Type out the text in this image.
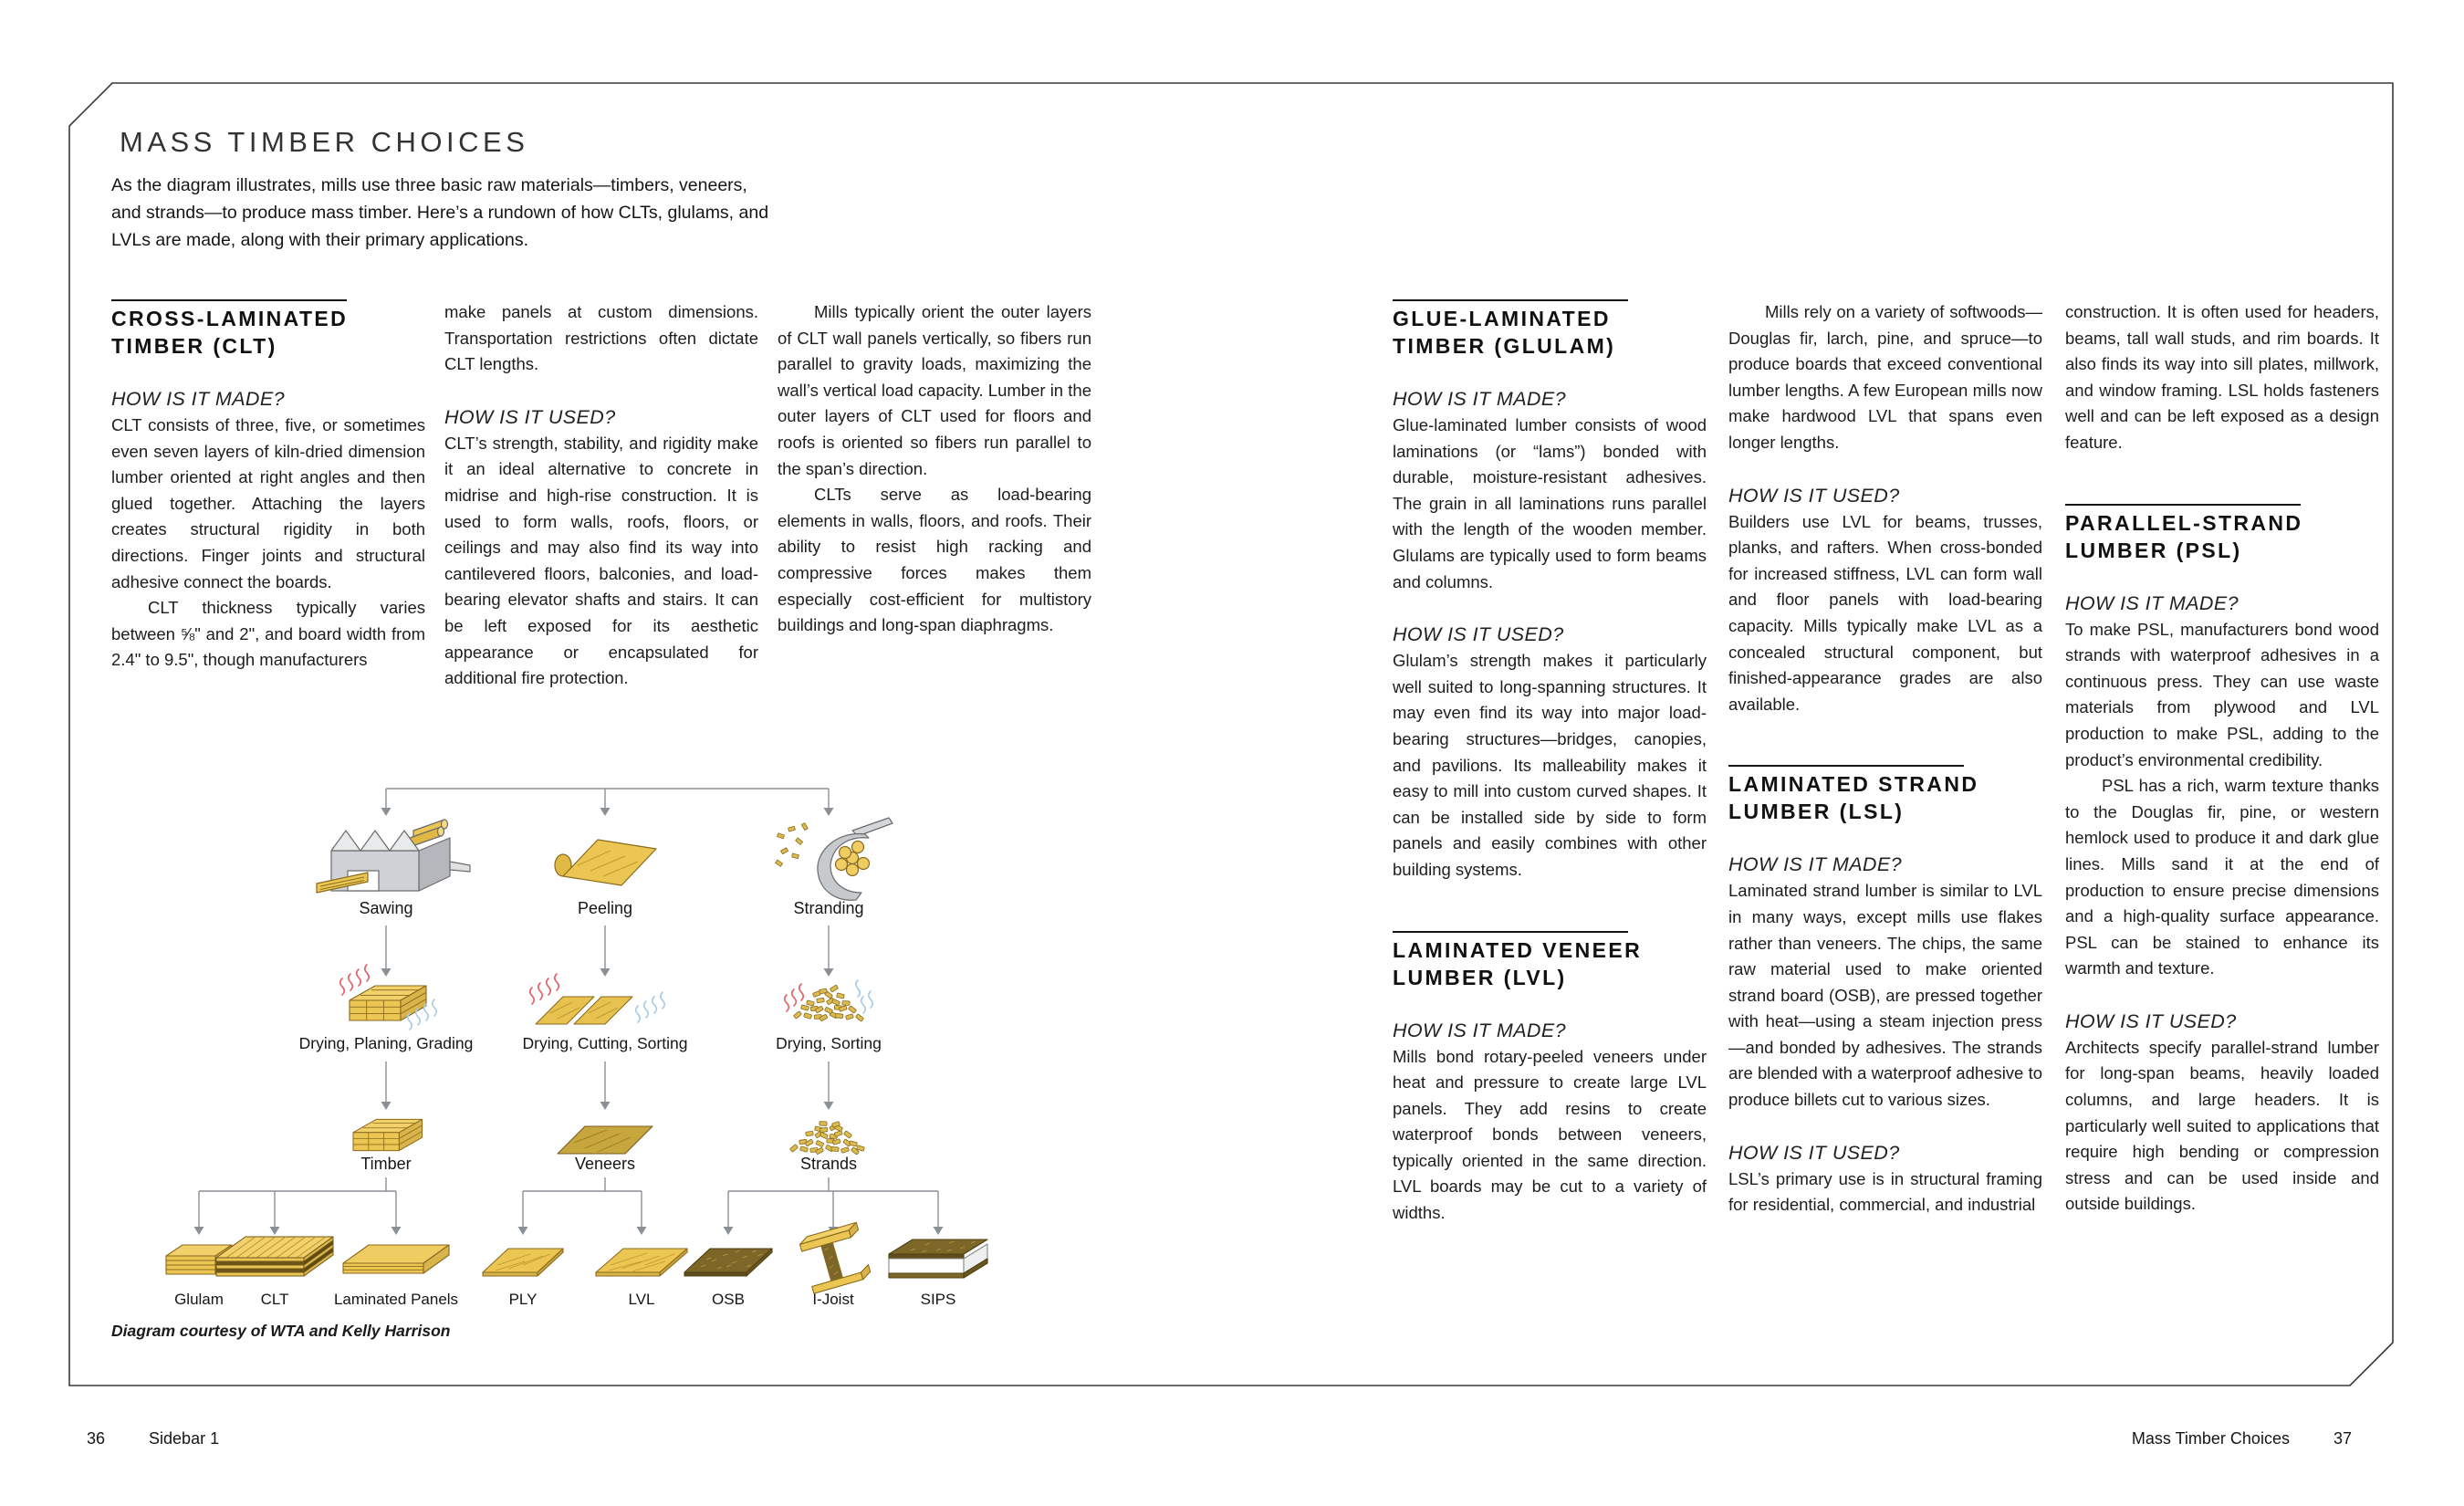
MASS TIMBER CHOICES

As the diagram illustrates, mills use three basic raw materials—timbers, veneers, and strands—to produce mass timber. Here’s a rundown of how CLTs, glulams, and LVLs are made, along with their primary applications.

CROSS-LAMINATED
TIMBER (CLT)
HOW IS IT MADE?

CLT consists of three, five, or sometimes even seven layers of kiln-dried dimension lumber oriented at right angles and then glued together. Attaching the layers creates structural rigidity in both directions. Finger joints and structural adhesive connect the boards.

CLT thickness typically varies between ⅝" and 2", and board width from 2.4" to 9.5", though manufacturers

make panels at custom dimensions. Transportation restrictions often dictate CLT lengths.

HOW IS IT USED?

CLT’s strength, stability, and rigidity make it an ideal alternative to concrete in midrise and high-rise construction. It is used to form walls, roofs, floors, or ceilings and may also find its way into cantilevered floors, balconies, and load-bearing elevator shafts and stairs. It can be left exposed for its aesthetic appearance or encapsulated for additional fire protection.

Mills typically orient the outer layers of CLT wall panels vertically, so fibers run parallel to gravity loads, maximizing the wall’s vertical load capacity. Lumber in the outer layers of CLT used for floors and roofs is oriented so fibers run parallel to the span’s direction.

CLTs serve as load-bearing elements in walls, floors, and roofs. Their ability to resist high racking and compressive forces makes them especially cost-efficient for multistory buildings and long-span diaphragms.

GLUE-LAMINATED
TIMBER (GLULAM)
HOW IS IT MADE?

Glue-laminated lumber consists of wood laminations (or “lams”) bonded with durable, moisture-resistant adhesives. The grain in all laminations runs parallel with the length of the wooden member. Glulams are typically used to form beams and columns.

HOW IS IT USED?

Glulam’s strength makes it particularly well suited to long-spanning structures. It may even find its way into major load-bearing structures—bridges, canopies, and pavilions. Its malleability makes it easy to mill into custom curved shapes. It can be installed side by side to form panels and easily combines with other building systems.

LAMINATED VENEER
LUMBER (LVL)
HOW IS IT MADE?

Mills bond rotary-peeled veneers under heat and pressure to create large LVL panels. They add resins to create waterproof bonds between veneers, typically oriented in the same direction. LVL boards may be cut to a variety of widths.

Mills rely on a variety of softwoods—Douglas fir, larch, pine, and spruce—to produce boards that exceed conventional lumber lengths. A few European mills now make hardwood LVL that spans even longer lengths.

HOW IS IT USED?

Builders use LVL for beams, trusses, planks, and rafters. When cross-bonded for increased stiffness, LVL can form wall and floor panels with load-bearing capacity. Mills typically make LVL as a concealed structural component, but finished-appearance grades are also available.

LAMINATED STRAND
LUMBER (LSL)
HOW IS IT MADE?

Laminated strand lumber is similar to LVL in many ways, except mills use flakes rather than veneers. The chips, the same raw material used to make oriented strand board (OSB), are pressed together with heat—using a steam injection press—and bonded by adhesives. The strands are blended with a waterproof adhesive to produce billets cut to various sizes.

HOW IS IT USED?

LSL’s primary use is in structural framing for residential, commercial, and industrial

construction. It is often used for headers, beams, tall wall studs, and rim boards. It also finds its way into sill plates, millwork, and window framing. LSL holds fasteners well and can be left exposed as a design feature.

PARALLEL-STRAND
LUMBER (PSL)
HOW IS IT MADE?

To make PSL, manufacturers bond wood strands with waterproof adhesives in a continuous press. They can use waste materials from plywood and LVL production to make PSL, adding to the product’s environmental credibility.

PSL has a rich, warm texture thanks to the Douglas fir, pine, or western hemlock used to produce it and dark glue lines. Mills sand it at the end of production to ensure precise dimensions and a high-quality surface appearance. PSL can be stained to enhance its warmth and texture.

HOW IS IT USED?

Architects specify parallel-strand lumber for long-span beams, heavily loaded columns, and large headers. It is particularly well suited to applications that require high bending or compression stress and can be used inside and outside buildings.

Sawing
Drying, Planing, Grading
Timber
Glulam CLT	Laminated Panels
Peeling
Drying, Cutting, Sorting
Veneers
PLY	LVL
Stranding
Drying, Sorting
Strands
OSB	I-Joist	SIPS
Diagram courtesy of WTA and Kelly Harrison
36	Sidebar 1	Mass Timber Choices	37
